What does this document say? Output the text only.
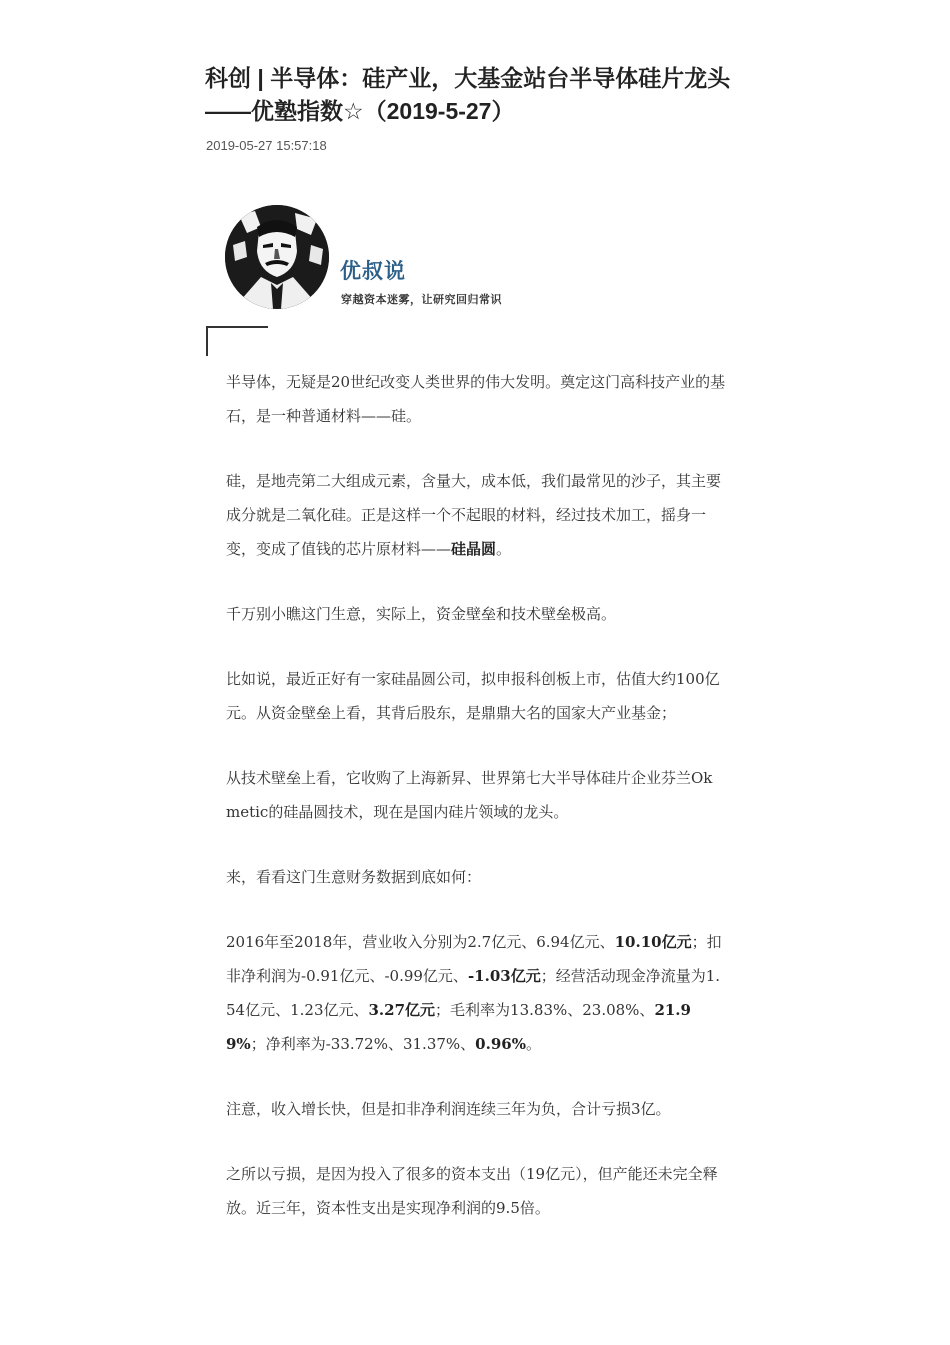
科创 | 半导体：硅产业，大基金站台半导体硅片龙头——优塾指数☆（2019-5-27）
2019-05-27 15:57:18
优叔说
穿越资本迷雾，让研究回归常识

半导体，无疑是20世纪改变人类世界的伟大发明。奠定这门高科技产业的基石，是一种普通材料——硅。

硅，是地壳第二大组成元素，含量大，成本低，我们最常见的沙子，其主要成分就是二氧化硅。正是这样一个不起眼的材料，经过技术加工，摇身一变，变成了值钱的芯片原材料——硅晶圆。

千万别小瞧这门生意，实际上，资金壁垒和技术壁垒极高。

比如说，最近正好有一家硅晶圆公司，拟申报科创板上市，估值大约100亿元。从资金壁垒上看，其背后股东，是鼎鼎大名的国家大产业基金；

从技术壁垒上看，它收购了上海新昇、世界第七大半导体硅片企业芬兰Okmetic的硅晶圆技术，现在是国内硅片领域的龙头。

来，看看这门生意财务数据到底如何：

2016年至2018年，营业收入分别为2.7亿元、6.94亿元、10.10亿元；扣非净利润为-0.91亿元、-0.99亿元、-1.03亿元；经营活动现金净流量为1.54亿元、1.23亿元、3.27亿元；毛利率为13.83%、23.08%、21.99%；净利率为-33.72%、31.37%、0.96%。

注意，收入增长快，但是扣非净利润连续三年为负，合计亏损3亿。

之所以亏损，是因为投入了很多的资本支出（19亿元），但产能还未完全释放。近三年，资本性支出是实现净利润的9.5倍。
